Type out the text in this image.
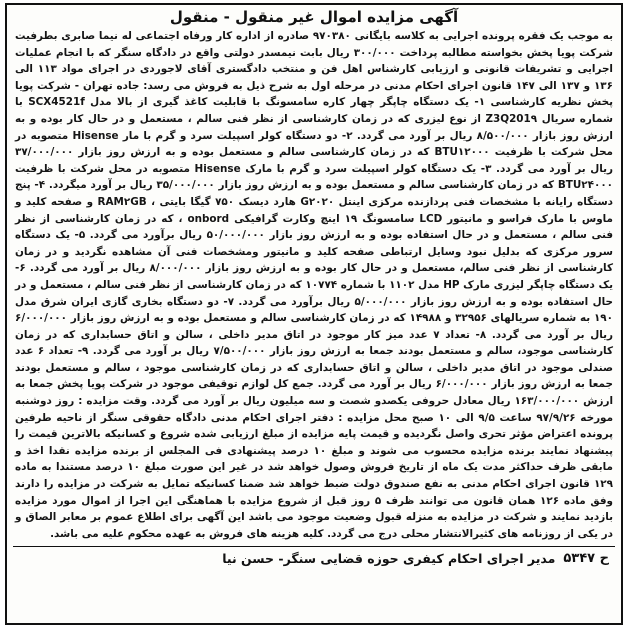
آگهی مزایده اموال غیر منقول - منقول
به موجب یک فقره پرونده اجرایی به کلاسه بایگانی ۹۷۰۳۸۰ صادره از اداره کار ورفاه اجتماعی له نیما صابری بطرفیت شرکت پویا پخش بخواسته مطالبه پرداخت ۳۰۰/۰۰۰ ریال بابت نیمسدر دولتی واقع در دادگاه سنگر که با انجام عملیات اجرایی و تشریفات قانونی و ارزیابی کارشناس اهل فن و منتخب دادگستری آقای لاجوردی در اجرای مواد ۱۱۳ الی ۱۳۶ و ۱۳۷ الی ۱۴۷ قانون اجرای احکام مدنی در مرحله اول به شرح ذیل به فروش می رسد: جاده تهران - شرکت پویا پخش نظریه کارشناسی ۱- یک دستگاه چاپگر چهار کاره سامسونگ با قابلیت کاغذ گیری از بالا مدل SCX4521f با شماره سریال Z3Q201۹ از نوع لیزری که در زمان کارشناسی از نظر فنی سالم ، مستعمل و در حال کار بوده و به ارزش روز بازار ۸/۵۰۰/۰۰۰ ریال بر آورد می گردد. ۲- دو دستگاه کولر اسپیلت سرد و گرم با مار Hisense متصوبه در محل شرکت با ظرفیت BTU۱۲۰۰۰ که در زمان کارشناسی سالم و مستعمل بوده و به ارزش روز بازار ۳۷/۰۰۰/۰۰۰ ریال بر آورد می گردد. ۳- یک دستگاه کولر اسپیلت سرد و گرم با مارک Hisense متصوبه در محل شرکت با ظرفیت BTU۲۴۰۰۰ که در زمان کارشناسی سالم و مستعمل بوده و به ارزش روز بازار ۳۵/۰۰۰/۰۰۰ ریال بر آورد میگردد. ۴- پنج دستگاه رایانه با مشخصات فنی پردازنده مرکزی اینتل G۲۰۲۰ هارد دیسک ۷۵۰ گیگا بایتی ، RAM۲GB و صفحه کلید و ماوس با مارک فراسو و مانیتور LCD سامسونگ ۱۹ اینچ وکارت گرافیکی onbord ، که در زمان کارشناسی از نظر فنی سالم ، مستعمل و در حال استفاده بوده و به ارزش روز بازار ۵۰/۰۰۰/۰۰۰ ریال برآورد می گردد. ۵- یک دستگاه سرور مرکزی که بدلیل نبود وسایل ارتباطی صفحه کلید و مانیتور ومشخصات فنی آن مشاهده نگردید و در زمان کارشناسی از نظر فنی سالم، مستعمل و در حال کار بوده و به ارزش روز بازار ۸/۰۰۰/۰۰۰ ریال بر آورد می گردد. ۶- یک دستگاه چاپگر لیزری مارک HP مدل ۱۱۰۲ با شماره ۱۰۷۷۴ که در زمان کارشناسی از نظر فنی سالم ، مستعمل و در حال استفاده بوده و به ارزش روز بازار ۵/۰۰۰/۰۰۰ ریال برآورد می گردد. ۷- دو دستگاه بخاری گازی ایران شرق مدل ۱۹۰ به شماره سریالهای ۳۲۹۵۶ و ۱۴۹۸۸ که در زمان کارشناسی سالم و مستعمل بوده و به ارزش روز بازار ۶/۰۰۰/۰۰۰ ریال بر آورد می گردد. ۸- تعداد ۷ عدد میز کار موجود در اتاق مدیر داخلی ، سالن و اتاق حسابداری که در زمان کارشناسی موجود، سالم و مستعمل بودند جمعا به ارزش روز بازار ۷/۵۰۰/۰۰۰ ریال بر آورد می گردد. ۹- تعداد ۶ عدد صندلی موجود در اتاق مدیر داخلی ، سالن و اتاق حسابداری که در زمان کارشناسی موجود ، سالم و مستعمل بودند جمعا به ارزش روز بازار ۶/۰۰۰/۰۰۰ ریال بر آورد می گردد. جمع کل لوازم توقیفی موجود در شرکت پویا پخش جمعا به ارزش ۱۶۳/۰۰۰/۰۰۰ ریال معادل حروفی یکصدو شصت و سه میلیون ریال بر آورد می گردد. وقت مزایده : روز دوشنبه مورخه ۹۷/۹/۲۶ ساعت ۹/۵ الی ۱۰ صبح محل مزایده : دفتر اجرای احکام مدنی دادگاه حقوقی سنگر از ناحیه طرفین پرونده اعتراض مؤثر تحری واصل نگردیده و قیمت پایه مزایده از مبلغ ارزیابی شده شروع و کسانیکه بالاترین قیمت را پیشنهاد نمایند برنده مزایده محسوب می شوند و مبلغ ۱۰ درصد پیشنهادی فی المجلس از برنده مزایده نقدا اخذ و مابقی ظرف حداکثر مدت یک ماه از تاریخ فروش وصول خواهد شد در غیر این صورت مبلغ ۱۰ درصد مستندا به ماده ۱۲۹ قانون اجرای احکام مدنی به نفع صندوق دولت ضبط خواهد شد ضمنا کسانیکه تمایل به شرکت در مزایده را دارند وفق ماده ۱۲۶ همان قانون می توانند ظرف ۵ روز قبل از شروع مزایده با هماهنگی این اجرا از اموال مورد مزایده بازدید نمایند و شرکت در مزایده به منزله قبول وضعیت موجود می باشد این آگهی برای اطلاع عموم بر معابر الصاق و در یکی از روزنامه های کثیرالانتشار محلی درج می گردد. کلیه هزینه های فروش به عهده محکوم علیه می باشد.
ح ۵۳۴۷
مدیر اجرای احکام کیفری حوزه قضایی سنگر- حسن نیا
